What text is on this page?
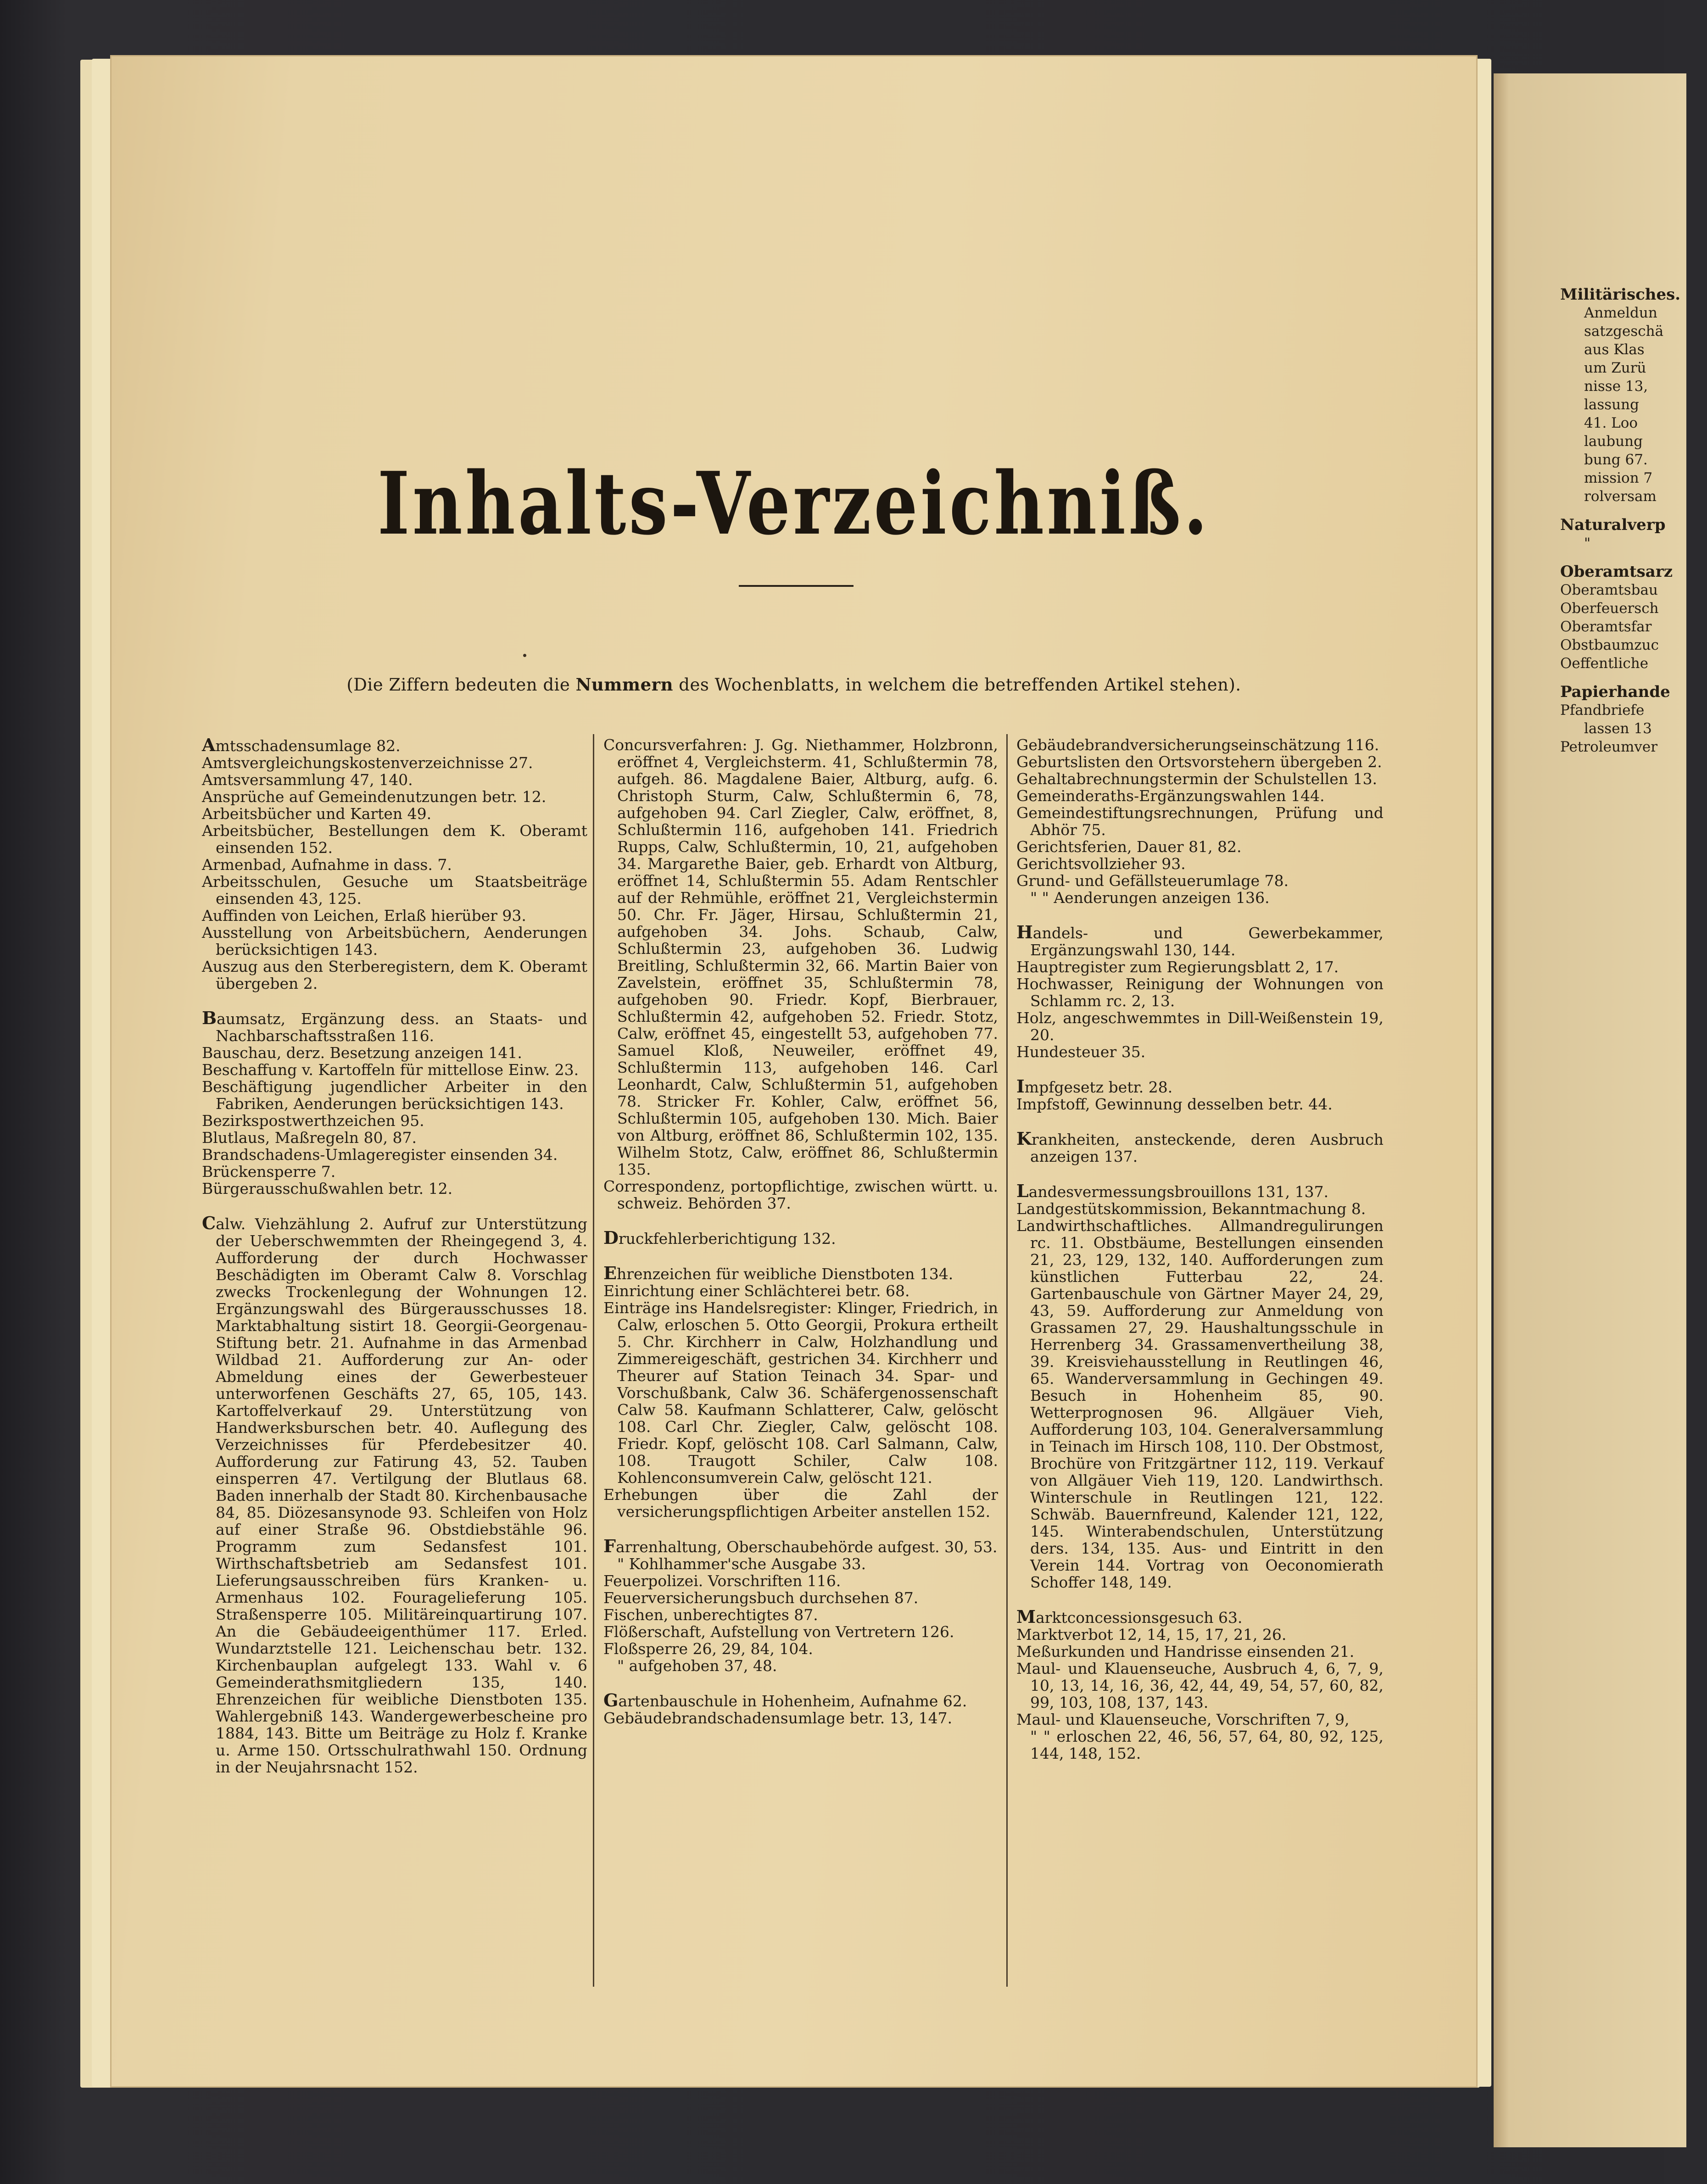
Inhalts-Verzeichniß.
(Die Ziffern bedeuten die Nummern des Wochenblatts, in welchem die betreffenden Artikel stehen).

Amtsschadensumlage 82.

Amtsvergleichungskostenverzeichnisse 27.

Amtsversammlung 47, 140.

Ansprüche auf Gemeindenutzungen betr. 12.

Arbeitsbücher und Karten 49.

Arbeitsbücher, Bestellungen dem K. Oberamt einsenden 152.

Armenbad, Aufnahme in dass. 7.

Arbeitsschulen, Gesuche um Staatsbeiträge einsenden 43, 125.

Auffinden von Leichen, Erlaß hierüber 93.

Ausstellung von Arbeitsbüchern, Aenderungen berücksichtigen 143.

Auszug aus den Sterberegistern, dem K. Oberamt übergeben 2.

Baumsatz, Ergänzung dess. an Staats- und Nachbarschaftsstraßen 116.

Bauschau, derz. Besetzung anzeigen 141.

Beschaffung v. Kartoffeln für mittellose Einw. 23.

Beschäftigung jugendlicher Arbeiter in den Fabriken, Aenderungen berücksichtigen 143.

Bezirkspostwerthzeichen 95.

Blutlaus, Maßregeln 80, 87.

Brandschadens-Umlageregister einsenden 34.

Brückensperre 7.

Bürgerausschußwahlen betr. 12.

Calw. Viehzählung 2. Aufruf zur Unterstützung der Ueberschwemmten der Rheingegend 3, 4. Aufforderung der durch Hochwasser Beschädigten im Oberamt Calw 8. Vorschlag zwecks Trockenlegung der Wohnungen 12. Ergänzungswahl des Bürgerausschusses 18. Marktabhaltung sistirt 18. Georgii-Georgenau-Stiftung betr. 21. Aufnahme in das Armenbad Wildbad 21. Aufforderung zur An- oder Abmeldung eines der Gewerbesteuer unterworfenen Geschäfts 27, 65, 105, 143. Kartoffelverkauf 29. Unterstützung von Handwerksburschen betr. 40. Auflegung des Verzeichnisses für Pferdebesitzer 40. Aufforderung zur Fatirung 43, 52. Tauben einsperren 47. Vertilgung der Blutlaus 68. Baden innerhalb der Stadt 80. Kirchenbausache 84, 85. Diözesansynode 93. Schleifen von Holz auf einer Straße 96. Obstdiebstähle 96. Programm zum Sedansfest 101. Wirthschaftsbetrieb am Sedansfest 101. Lieferungsausschreiben fürs Kranken- u. Armenhaus 102. Fouragelieferung 105. Straßensperre 105. Militäreinquartirung 107. An die Gebäudeeigenthümer 117. Erled. Wundarztstelle 121. Leichenschau betr. 132. Kirchenbauplan aufgelegt 133. Wahl v. 6 Gemeinderathsmitgliedern 135, 140. Ehrenzeichen für weibliche Dienstboten 135. Wahlergebniß 143. Wandergewerbescheine pro 1884, 143. Bitte um Beiträge zu Holz f. Kranke u. Arme 150. Ortsschulrathwahl 150. Ordnung in der Neujahrsnacht 152.

Concursverfahren: J. Gg. Niethammer, Holzbronn, eröffnet 4, Vergleichsterm. 41, Schlußtermin 78, aufgeh. 86. Magdalene Baier, Altburg, aufg. 6. Christoph Sturm, Calw, Schlußtermin 6, 78, aufgehoben 94. Carl Ziegler, Calw, eröffnet, 8, Schlußtermin 116, aufgehoben 141. Friedrich Rupps, Calw, Schlußtermin, 10, 21, aufgehoben 34. Margarethe Baier, geb. Erhardt von Altburg, eröffnet 14, Schlußtermin 55. Adam Rentschler auf der Rehmühle, eröffnet 21, Vergleichstermin 50. Chr. Fr. Jäger, Hirsau, Schlußtermin 21, aufgehoben 34. Johs. Schaub, Calw, Schlußtermin 23, aufgehoben 36. Ludwig Breitling, Schlußtermin 32, 66. Martin Baier von Zavelstein, eröffnet 35, Schlußtermin 78, aufgehoben 90. Friedr. Kopf, Bierbrauer, Schlußtermin 42, aufgehoben 52. Friedr. Stotz, Calw, eröffnet 45, eingestellt 53, aufgehoben 77. Samuel Kloß, Neuweiler, eröffnet 49, Schlußtermin 113, aufgehoben 146. Carl Leonhardt, Calw, Schlußtermin 51, aufgehoben 78. Stricker Fr. Kohler, Calw, eröffnet 56, Schlußtermin 105, aufgehoben 130. Mich. Baier von Altburg, eröffnet 86, Schlußtermin 102, 135. Wilhelm Stotz, Calw, eröffnet 86, Schlußtermin 135.

Correspondenz, portopflichtige, zwischen württ. u. schweiz. Behörden 37.

Druckfehlerberichtigung 132.

Ehrenzeichen für weibliche Dienstboten 134.

Einrichtung einer Schlächterei betr. 68.

Einträge ins Handelsregister: Klinger, Friedrich, in Calw, erloschen 5. Otto Georgii, Prokura ertheilt 5. Chr. Kirchherr in Calw, Holzhandlung und Zimmereigeschäft, gestrichen 34. Kirchherr und Theurer auf Station Teinach 34. Spar- und Vorschußbank, Calw 36. Schäfergenossenschaft Calw 58. Kaufmann Schlatterer, Calw, gelöscht 108. Carl Chr. Ziegler, Calw, gelöscht 108. Friedr. Kopf, gelöscht 108. Carl Salmann, Calw, 108. Traugott Schiler, Calw 108. Kohlenconsumverein Calw, gelöscht 121.

Erhebungen über die Zahl der versicherungspflichtigen Arbeiter anstellen 152.

Farrenhaltung, Oberschaubehörde aufgest. 30, 53.

" Kohlhammer'sche Ausgabe 33.

Feuerpolizei. Vorschriften 116.

Feuerversicherungsbuch durchsehen 87.

Fischen, unberechtigtes 87.

Flößerschaft, Aufstellung von Vertretern 126.

Floßsperre 26, 29, 84, 104.

" aufgehoben 37, 48.

Gartenbauschule in Hohenheim, Aufnahme 62.

Gebäudebrandschadensumlage betr. 13, 147.

Gebäudebrandversicherungseinschätzung 116.

Geburtslisten den Ortsvorstehern übergeben 2.

Gehaltabrechnungstermin der Schulstellen 13.

Gemeinderaths-Ergänzungswahlen 144.

Gemeindestiftungsrechnungen, Prüfung und Abhör 75.

Gerichtsferien, Dauer 81, 82.

Gerichtsvollzieher 93.

Grund- und Gefällsteuerumlage 78.

" " Aenderungen anzeigen 136.

Handels- und Gewerbekammer, Ergänzungswahl 130, 144.

Hauptregister zum Regierungsblatt 2, 17.

Hochwasser, Reinigung der Wohnungen von Schlamm rc. 2, 13.

Holz, angeschwemmtes in Dill-Weißenstein 19, 20.

Hundesteuer 35.

Impfgesetz betr. 28.

Impfstoff, Gewinnung desselben betr. 44.

Krankheiten, ansteckende, deren Ausbruch anzeigen 137.

Landesvermessungsbrouillons 131, 137.

Landgestütskommission, Bekanntmachung 8.

Landwirthschaftliches. Allmandregulirungen rc. 11. Obstbäume, Bestellungen einsenden 21, 23, 129, 132, 140. Aufforderungen zum künstlichen Futterbau 22, 24. Gartenbauschule von Gärtner Mayer 24, 29, 43, 59. Aufforderung zur Anmeldung von Grassamen 27, 29. Haushaltungsschule in Herrenberg 34. Grassamenvertheilung 38, 39. Kreisviehausstellung in Reutlingen 46, 65. Wanderversammlung in Gechingen 49. Besuch in Hohenheim 85, 90. Wetterprognosen 96. Allgäuer Vieh, Aufforderung 103, 104. Generalversammlung in Teinach im Hirsch 108, 110. Der Obstmost, Brochüre von Fritzgärtner 112, 119. Verkauf von Allgäuer Vieh 119, 120. Landwirthsch. Winterschule in Reutlingen 121, 122. Schwäb. Bauernfreund, Kalender 121, 122, 145. Winterabendschulen, Unterstützung ders. 134, 135. Aus- und Eintritt in den Verein 144. Vortrag von Oeconomierath Schoffer 148, 149.

Marktconcessionsgesuch 63.

Marktverbot 12, 14, 15, 17, 21, 26.

Meßurkunden und Handrisse einsenden 21.

Maul- und Klauenseuche, Ausbruch 4, 6, 7, 9, 10, 13, 14, 16, 36, 42, 44, 49, 54, 57, 60, 82, 99, 103, 108, 137, 143.

Maul- und Klauenseuche, Vorschriften 7, 9,

" " erloschen 22, 46, 56, 57, 64, 80, 92, 125, 144, 148, 152.

Militärisches.
Anmeldun
satzgeschä
aus Klas
um Zurü
nisse 13,
lassung
41. Loo
laubung
bung 67.
mission 7
rolversam
Naturalverp
"
Oberamtsarz
Oberamtsbau
Oberfeuersch
Oberamtsfar
Obstbaumzuc
Oeffentliche
Papierhande
Pfandbriefe
lassen 13
Petroleumver
